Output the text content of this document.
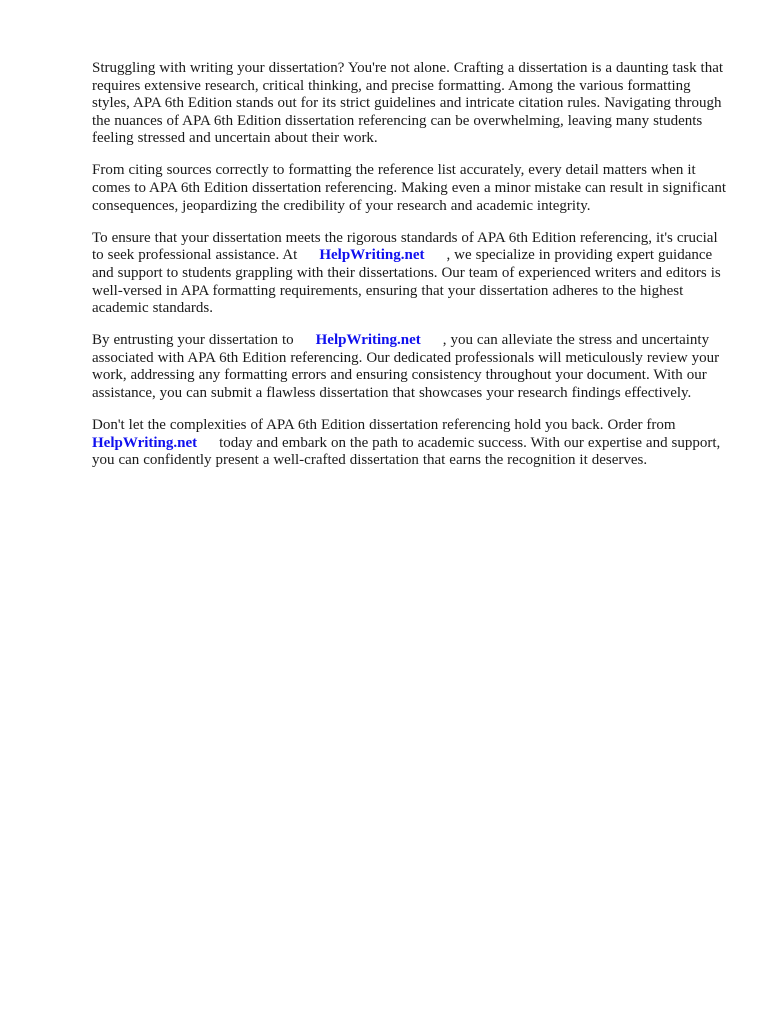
Struggling with writing your dissertation? You're not alone. Crafting a dissertation is a daunting task that requires extensive research, critical thinking, and precise formatting. Among the various formatting styles, APA 6th Edition stands out for its strict guidelines and intricate citation rules. Navigating through the nuances of APA 6th Edition dissertation referencing can be overwhelming, leaving many students feeling stressed and uncertain about their work.

From citing sources correctly to formatting the reference list accurately, every detail matters when it comes to APA 6th Edition dissertation referencing. Making even a minor mistake can result in significant consequences, jeopardizing the credibility of your research and academic integrity.

To ensure that your dissertation meets the rigorous standards of APA 6th Edition referencing, it's crucial to seek professional assistance. At HelpWriting.net , we specialize in providing expert guidance and support to students grappling with their dissertations. Our team of experienced writers and editors is well-versed in APA formatting requirements, ensuring that your dissertation adheres to the highest academic standards.

By entrusting your dissertation to HelpWriting.net , you can alleviate the stress and uncertainty associated with APA 6th Edition referencing. Our dedicated professionals will meticulously review your work, addressing any formatting errors and ensuring consistency throughout your document. With our assistance, you can submit a flawless dissertation that showcases your research findings effectively.

Don't let the complexities of APA 6th Edition dissertation referencing hold you back. Order from HelpWriting.net today and embark on the path to academic success. With our expertise and support, you can confidently present a well-crafted dissertation that earns the recognition it deserves.
